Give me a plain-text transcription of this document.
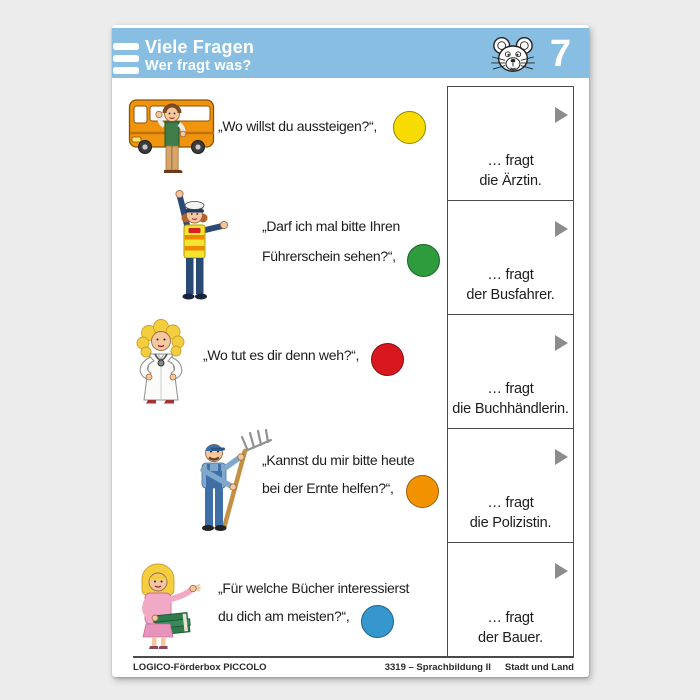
Viele Fragen
Wer fragt was?	7
„Wo willst du aussteigen?“,
„Darf ich mal bitte Ihren
Führerschein sehen?“,
„Wo tut es dir denn weh?“,
„Kannst du mir bitte heute
bei der Ernte helfen?“,
„Für welche Bücher interessierst
du dich am meisten?“,
… fragt
die Ärztin.
… fragt
der Busfahrer.
… fragt
die Buchhändlerin.
… fragt
die Polizistin.
… fragt
der Bauer.
LOGICO-Förderbox PICCOLO	3319 – Sprachbildung II Stadt und Land
